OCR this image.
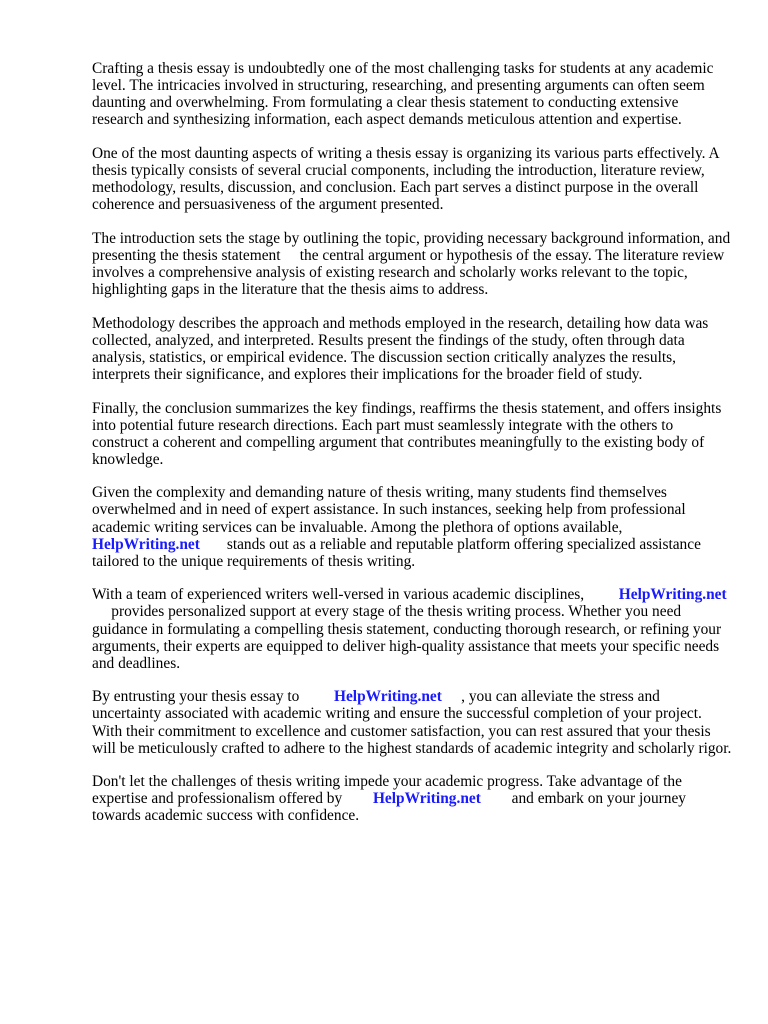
Crafting a thesis essay is undoubtedly one of the most challenging tasks for students at any academic level. The intricacies involved in structuring, researching, and presenting arguments can often seem daunting and overwhelming. From formulating a clear thesis statement to conducting extensive research and synthesizing information, each aspect demands meticulous attention and expertise.

One of the most daunting aspects of writing a thesis essay is organizing its various parts effectively. A thesis typically consists of several crucial components, including the introduction, literature review, methodology, results, discussion, and conclusion. Each part serves a distinct purpose in the overall coherence and persuasiveness of the argument presented.

The introduction sets the stage by outlining the topic, providing necessary background information, and presenting the thesis statement the central argument or hypothesis of the essay. The literature review involves a comprehensive analysis of existing research and scholarly works relevant to the topic, highlighting gaps in the literature that the thesis aims to address.

Methodology describes the approach and methods employed in the research, detailing how data was collected, analyzed, and interpreted. Results present the findings of the study, often through data analysis, statistics, or empirical evidence. The discussion section critically analyzes the results, interprets their significance, and explores their implications for the broader field of study.

Finally, the conclusion summarizes the key findings, reaffirms the thesis statement, and offers insights into potential future research directions. Each part must seamlessly integrate with the others to construct a coherent and compelling argument that contributes meaningfully to the existing body of knowledge.

Given the complexity and demanding nature of thesis writing, many students find themselves overwhelmed and in need of expert assistance. In such instances, seeking help from professional academic writing services can be invaluable. Among the plethora of options available,
HelpWriting.net stands out as a reliable and reputable platform offering specialized assistance tailored to the unique requirements of thesis writing.

With a team of experienced writers well-versed in various academic disciplines, HelpWriting.net
provides personalized support at every stage of the thesis writing process. Whether you need guidance in formulating a compelling thesis statement, conducting thorough research, or refining your arguments, their experts are equipped to deliver high-quality assistance that meets your specific needs and deadlines.

By entrusting your thesis essay to HelpWriting.net , you can alleviate the stress and uncertainty associated with academic writing and ensure the successful completion of your project. With their commitment to excellence and customer satisfaction, you can rest assured that your thesis will be meticulously crafted to adhere to the highest standards of academic integrity and scholarly rigor.

Don't let the challenges of thesis writing impede your academic progress. Take advantage of the expertise and professionalism offered by HelpWriting.net and embark on your journey towards academic success with confidence.
